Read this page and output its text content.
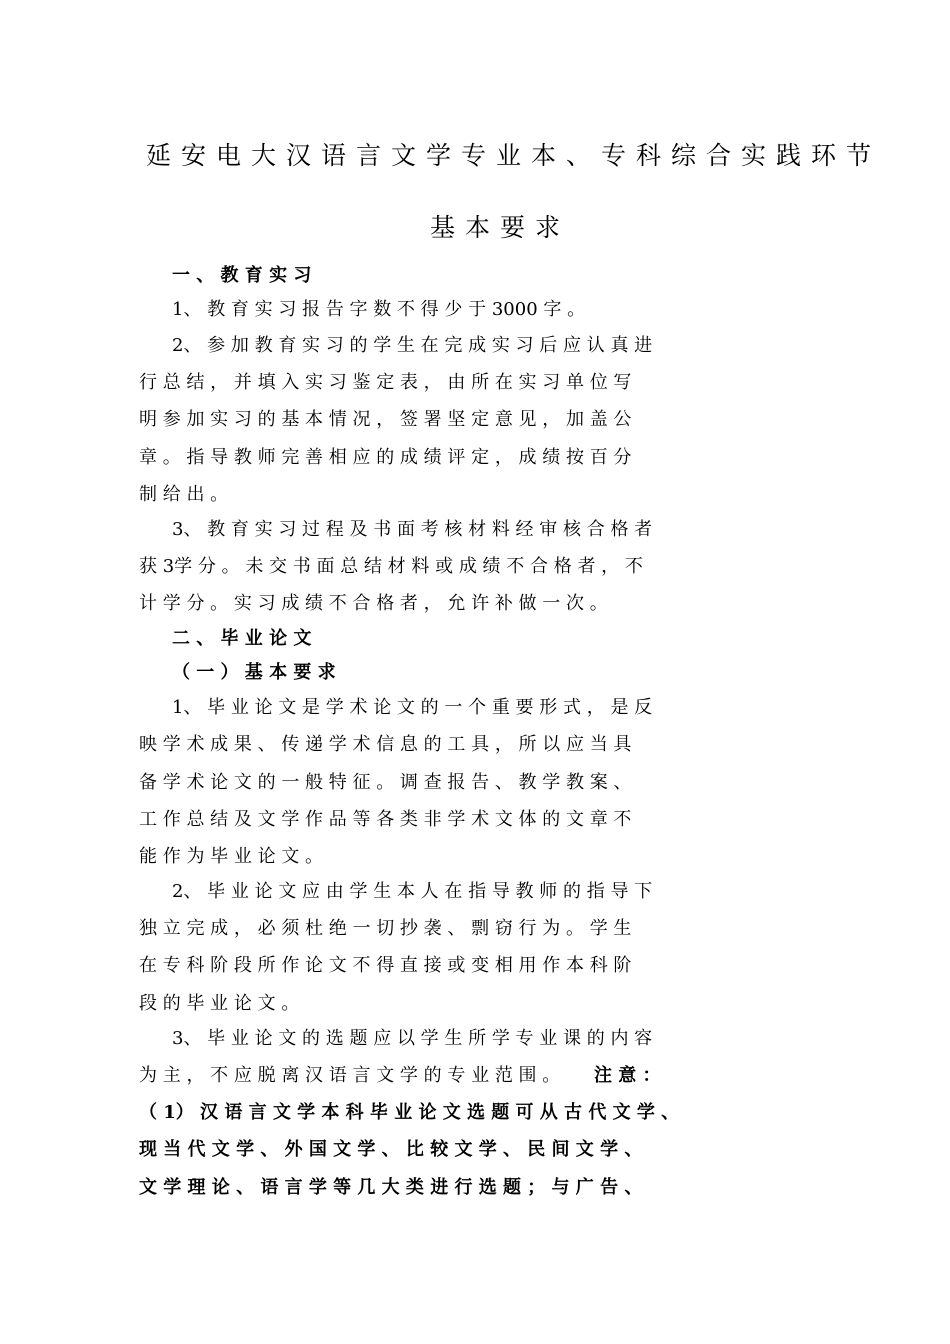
延安电大汉语言文学专业本、专科综合实践环节
基本要求
一 、 教 育 实 习
1、 教 育 实 习 报 告 字 数 不 得 少 于 3000 字 。
2、 参 加 教 育 实 习 的 学 生 在 完 成 实 习 后 应 认 真 进
行 总 结 ， 并 填 入 实 习 鉴 定 表 ， 由 所 在 实 习 单 位 写
明 参 加 实 习 的 基 本 情 况 ， 签 署 坚 定 意 见 ， 加 盖 公
章 。 指 导 教 师 完 善 相 应 的 成 绩 评 定 ， 成 绩 按 百 分
制 给 出 。
3、 教 育 实 习 过 程 及 书 面 考 核 材 料 经 审 核 合 格 者
获 3学 分 。 未 交 书 面 总 结 材 料 或 成 绩 不 合 格 者 ， 不
计 学 分 。 实 习 成 绩 不 合 格 者 ， 允 许 补 做 一 次 。
二 、 毕 业 论 文
（ 一 ） 基 本 要 求
1、 毕 业 论 文 是 学 术 论 文 的 一 个 重 要 形 式 ， 是 反
映 学 术 成 果 、 传 递 学 术 信 息 的 工 具 ， 所 以 应 当 具
备 学 术 论 文 的 一 般 特 征 。 调 查 报 告 、 教 学 教 案 、
工 作 总 结 及 文 学 作 品 等 各 类 非 学 术 文 体 的 文 章 不
能 作 为 毕 业 论 文 。
2、 毕 业 论 文 应 由 学 生 本 人 在 指 导 教 师 的 指 导 下
独 立 完 成 ， 必 须 杜 绝 一 切 抄 袭 、 剽 窃 行 为 。 学 生
在 专 科 阶 段 所 作 论 文 不 得 直 接 或 变 相 用 作 本 科 阶
段 的 毕 业 论 文 。
3、 毕 业 论 文 的 选 题 应 以 学 生 所 学 专 业 课 的 内 容
为 主 ， 不 应 脱 离 汉 语 言 文 学 的 专 业 范 围 。 注 意 ：
（ 1） 汉 语 言 文 学 本 科 毕 业 论 文 选 题 可 从 古 代 文 学 、
现 当 代 文 学 、 外 国 文 学 、 比 较 文 学 、 民 间 文 学 、
文 学 理 论 、 语 言 学 等 几 大 类 进 行 选 题 ； 与 广 告 、
